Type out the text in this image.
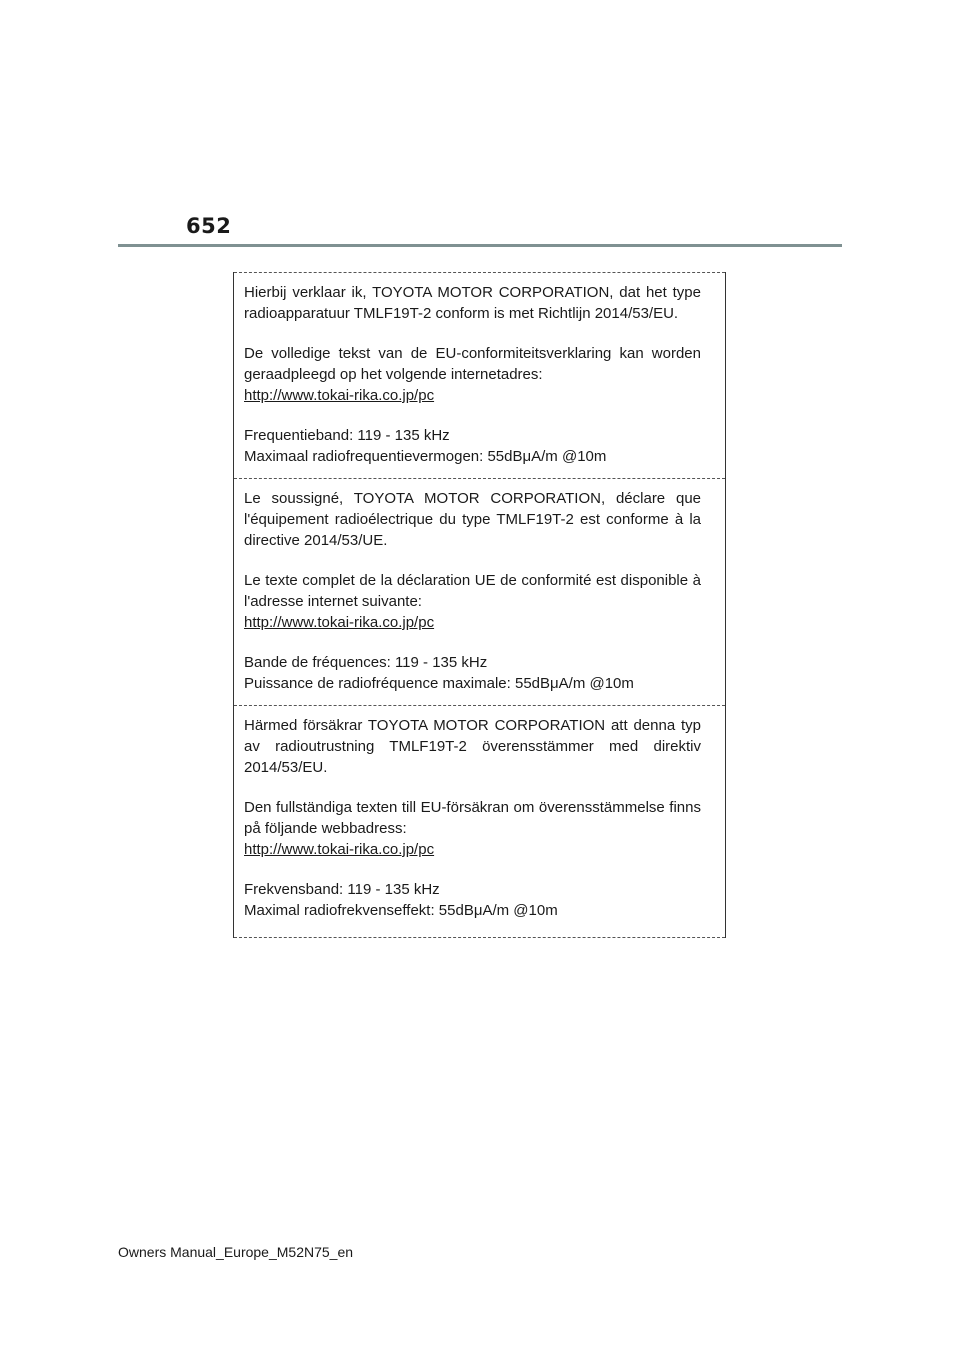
652

Hierbij verklaar ik, TOYOTA MOTOR CORPORATION, dat het type radioapparatuur TMLF19T-2 conform is met Richtlijn 2014/53/EU.

De volledige tekst van de EU-conformiteitsverklaring kan worden geraadpleegd op het volgende internetadres:

http://www.tokai-rika.co.jp/pc
Frequentieband: 119 - 135 kHz
Maximaal radiofrequentievermogen: 55dBμA/m @10m

Le soussigné, TOYOTA MOTOR CORPORATION, déclare que l'équipement radioélectrique du type TMLF19T-2 est conforme à la directive 2014/53/UE.

Le texte complet de la déclaration UE de conformité est disponible à l'adresse internet suivante:

http://www.tokai-rika.co.jp/pc
Bande de fréquences: 119 - 135 kHz
Puissance de radiofréquence maximale: 55dBμA/m @10m

Härmed försäkrar TOYOTA MOTOR CORPORATION att denna typ av radioutrustning TMLF19T-2 överensstämmer med direktiv 2014/53/EU.

Den fullständiga texten till EU-försäkran om överensstämmelse finns på följande webbadress:

http://www.tokai-rika.co.jp/pc
Frekvensband: 119 - 135 kHz
Maximal radiofrekvenseffekt: 55dBμA/m @10m
Owners Manual_Europe_M52N75_en
